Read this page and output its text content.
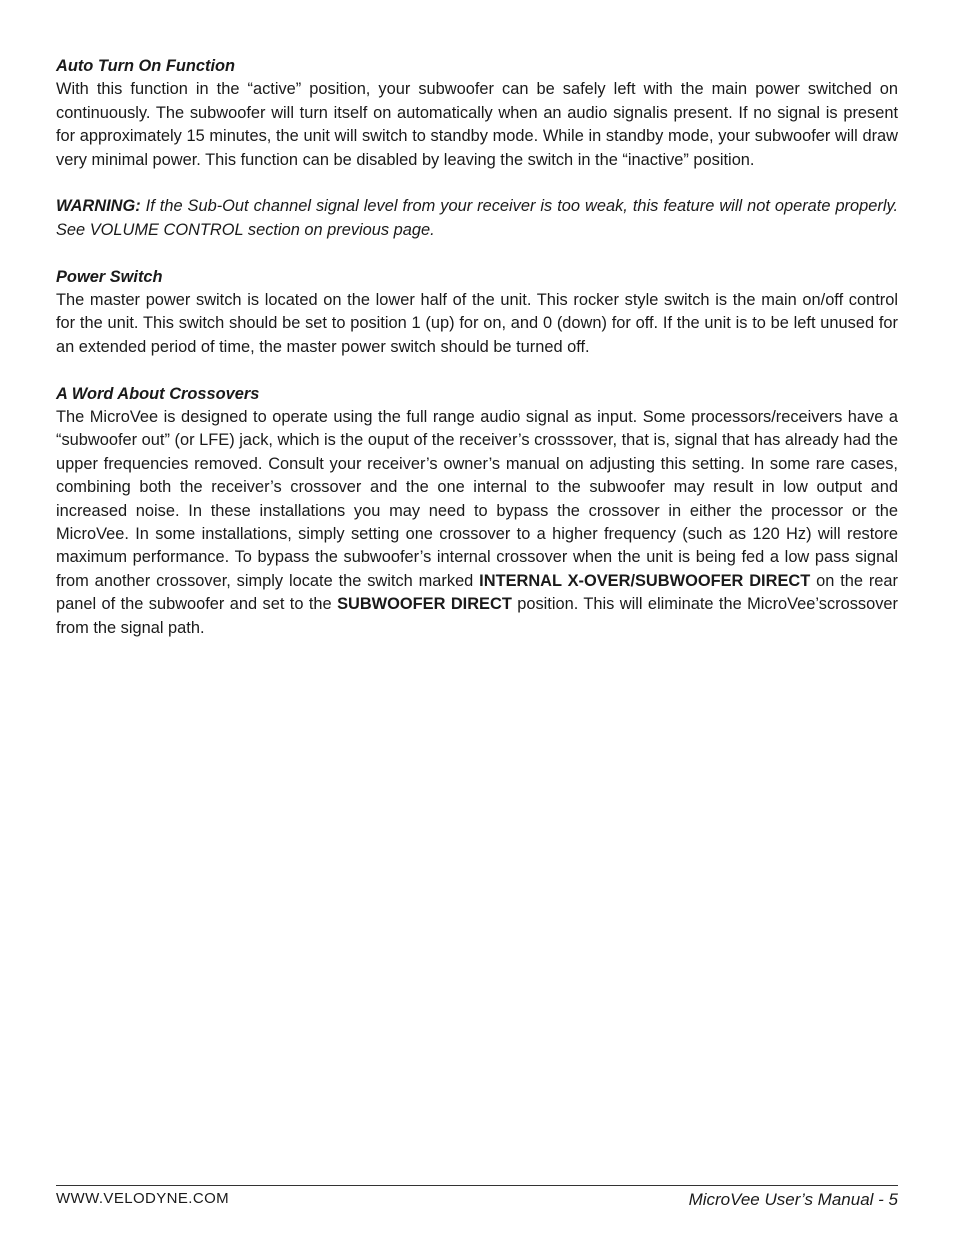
Auto Turn On Function

With this function in the “active” position, your subwoofer can be safely left with the main power switched on continuously. The subwoofer will turn itself on automatically when an audio signalis present. If no signal is present for approximately 15 minutes, the unit will switch to standby mode. While in standby mode, your subwoofer will draw very minimal power. This function can be disabled by leaving the switch in the “inactive” position.

WARNING: If the Sub-Out channel signal level from your receiver is too weak, this feature will not operate properly. See VOLUME CONTROL section on previous page.

Power Switch

The master power switch is located on the lower half of the unit. This rocker style switch is the main on/off control for the unit. This switch should be set to position 1 (up) for on, and 0 (down) for off. If the unit is to be left unused for an extended period of time, the master power switch should be turned off.

A Word About Crossovers

The MicroVee is designed to operate using the full range audio signal as input. Some processors/receivers have a “subwoofer out” (or LFE) jack, which is the ouput of the receiver’s crosssover, that is, signal that has already had the upper frequencies removed. Consult your receiver’s owner’s manual on adjusting this setting. In some rare cases, combining both the receiver’s crossover and the one internal to the subwoofer may result in low output and increased noise. In these installations you may need to bypass the crossover in either the processor or the MicroVee. In some installations, simply setting one crossover to a higher frequency (such as 120 Hz) will restore maximum performance. To bypass the subwoofer’s internal crossover when the unit is being fed a low pass signal from another crossover, simply locate the switch marked INTERNAL X-OVER/SUBWOOFER DIRECT on the rear panel of the subwoofer and set to the SUBWOOFER DIRECT position. This will eliminate the MicroVee’scrossover from the signal path.

WWW.VELODYNE.COM	MicroVee User’s Manual - 5
